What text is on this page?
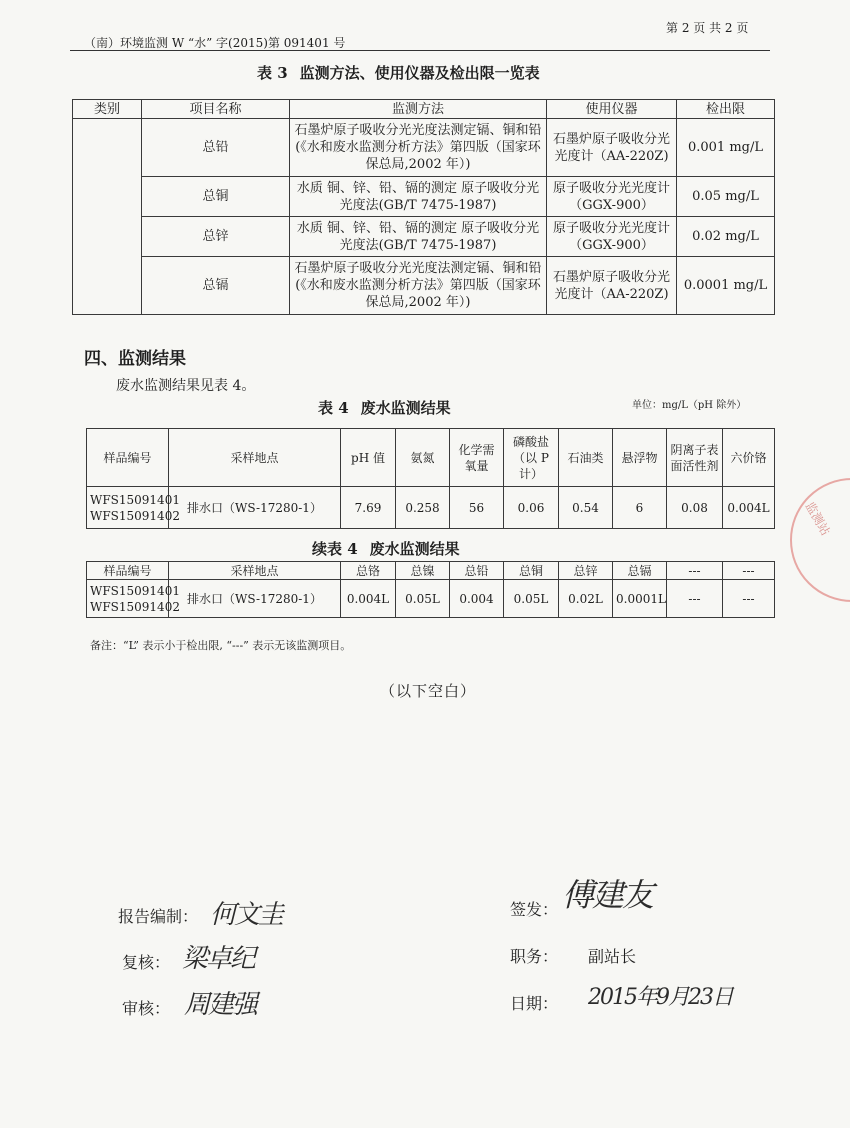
第 2 页 共 2 页
（南）环境监测 W “水” 字(2015)第 091401 号
表 3 监测方法、使用仪器及检出限一览表
类别	项目名称	监测方法	使用仪器	检出限
	总铅	石墨炉原子吸收分光光度法测定镉、铜和铅(《水和废水监测分析方法》第四版（国家环保总局,2002 年）)	石墨炉原子吸收分光光度计（AA-220Z)	0.001 mg/L
	总铜	水质 铜、锌、铅、镉的测定 原子吸收分光光度法(GB/T 7475-1987)	原子吸收分光光度计（GGX-900）	0.05 mg/L
	总锌	水质 铜、锌、铅、镉的测定 原子吸收分光光度法(GB/T 7475-1987)	原子吸收分光光度计（GGX-900）	0.02 mg/L
	总镉	石墨炉原子吸收分光光度法测定镉、铜和铅(《水和废水监测分析方法》第四版（国家环保总局,2002 年）)	石墨炉原子吸收分光光度计（AA-220Z)	0.0001 mg/L
四、监测结果
废水监测结果见表 4。
表 4 废水监测结果	单位：mg/L（pH 除外）
样品编号	采样地点	pH 值	氨氮	化学需氧量	磷酸盐（以 P 计）	石油类	悬浮物	阴离子表面活性剂	六价铬

WFS15091401
WFS15091402	排水口（WS-17280-1）	7.69	0.258	56	0.06	0.54	6	0.08	0.004L
续表 4 废水监测结果
样品编号	采样地点	总铬	总镍	总铅	总铜	总锌	总镉	---	---

WFS15091401
WFS15091402	排水口（WS-17280-1）	0.004L	0.05L	0.004	0.05L	0.02L	0.0001L	---	---
备注：“L” 表示小于检出限, “---” 表示无该监测项目。
（以下空白）
监测站
报告编制： 何文圭
复核： 梁卓纪
审核： 周建强
签发： 傅建友
职务： 副站长
日期： 2015年9月23日
